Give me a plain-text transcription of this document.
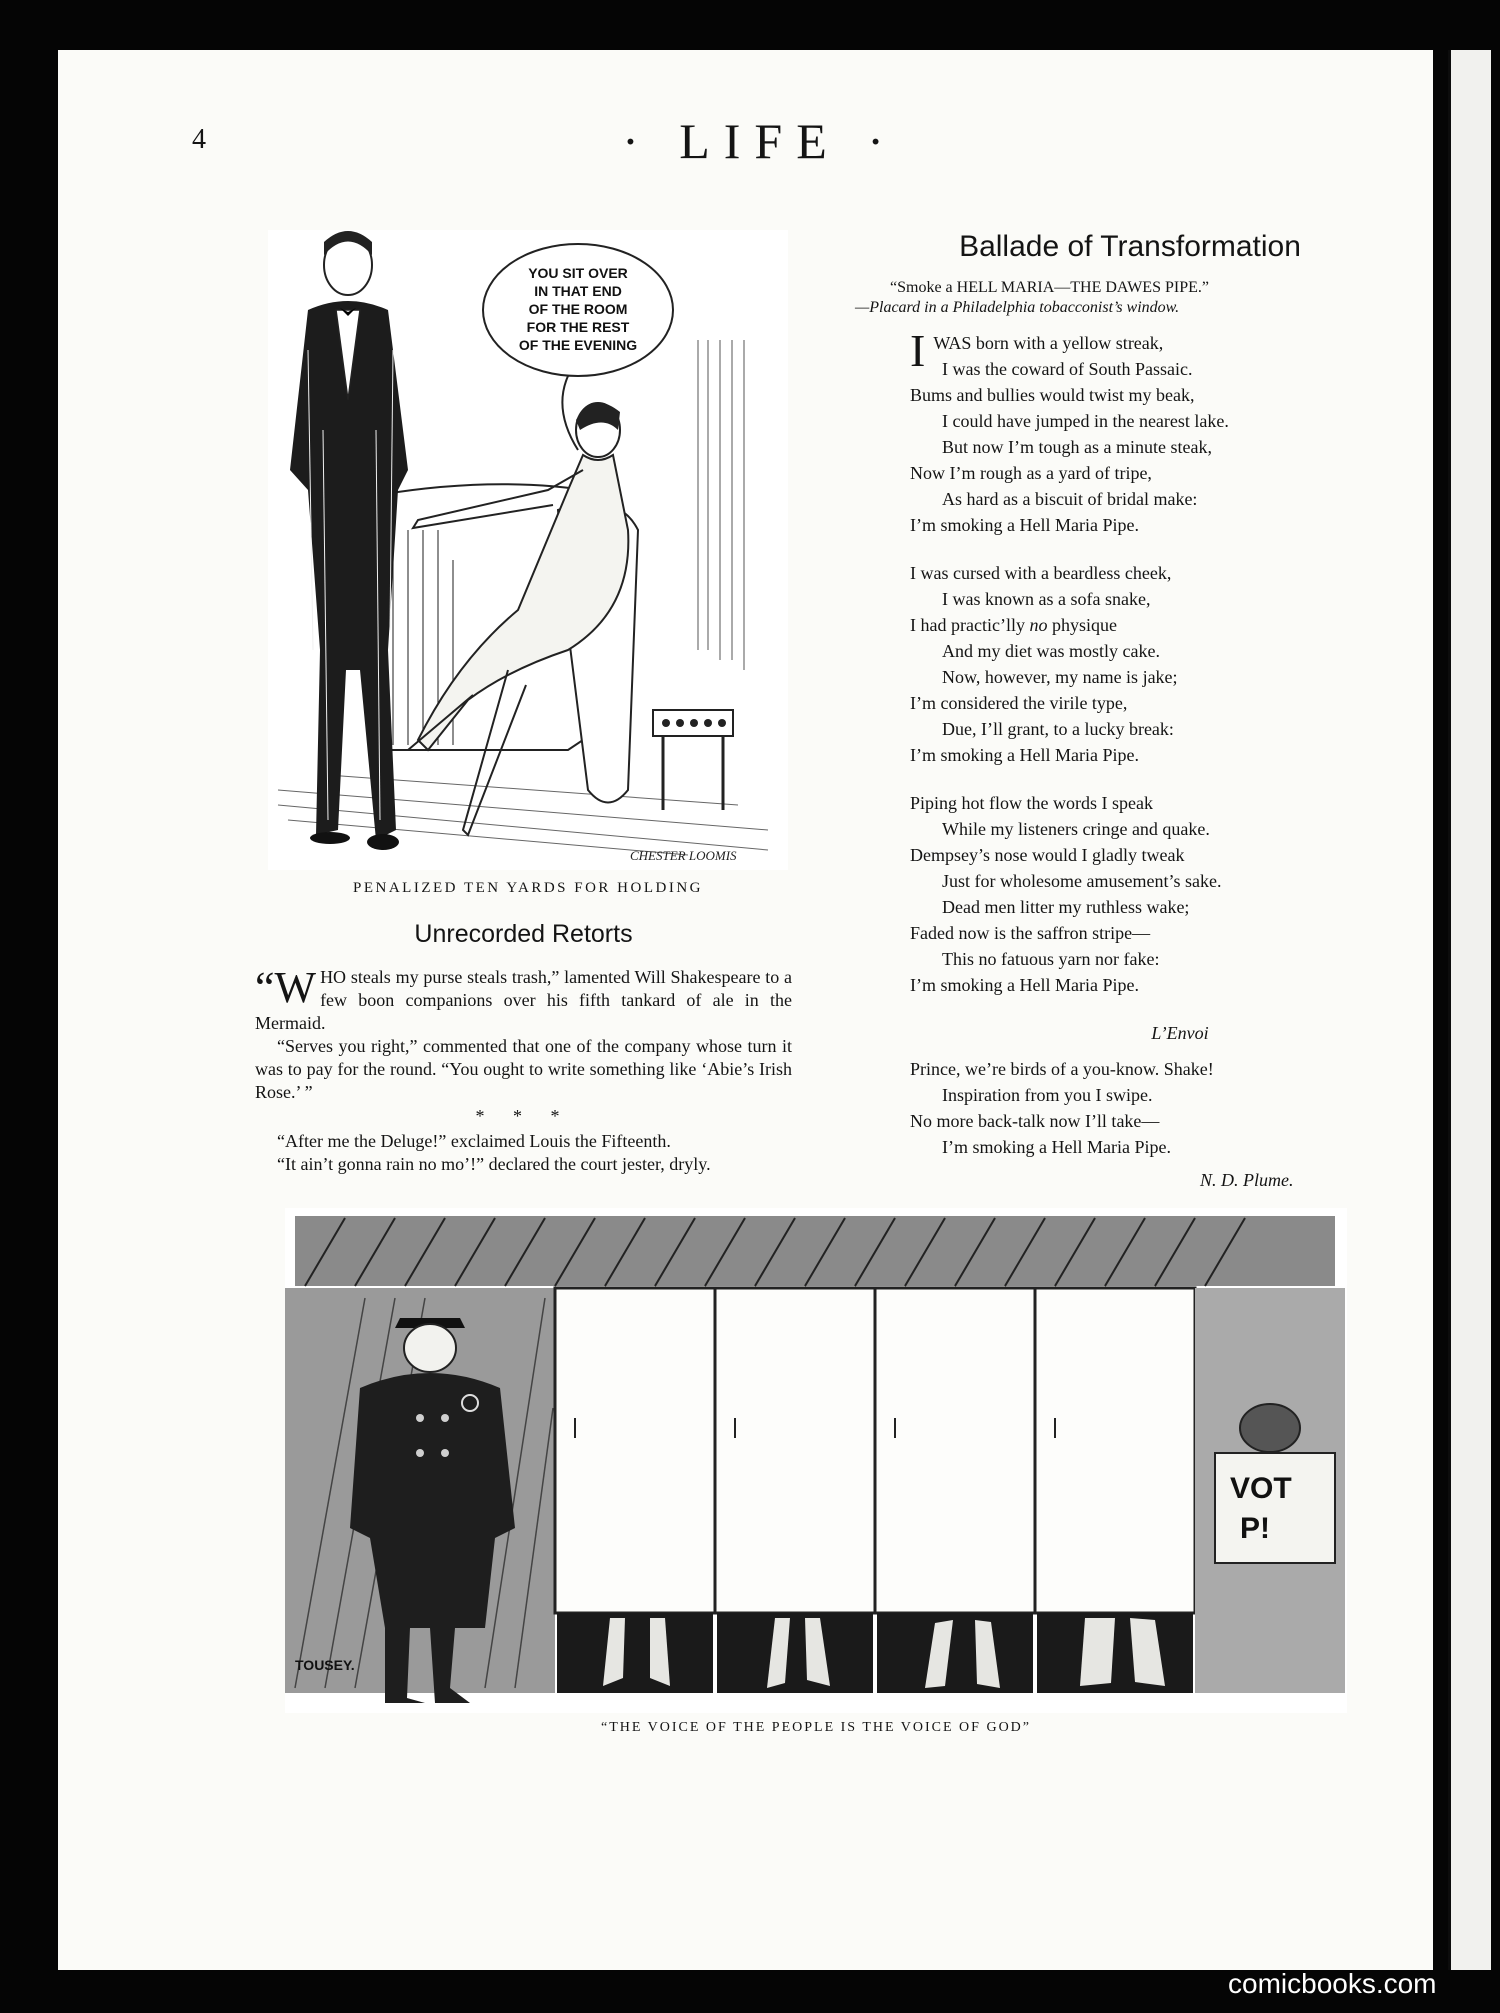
4	· LIFE ·
YOU SIT OVER
IN THAT END
OF THE ROOM
FOR THE REST
OF THE EVENING
CHESTER LOOMIS

PENALIZED TEN YARDS FOR HOLDING

Unrecorded Retorts

“WHO steals my purse steals trash,” lamented Will Shakespeare to a few boon companions over his fifth tankard of ale in the Mermaid.

“Serves you right,” commented that one of the company whose turn it was to pay for the round. “You ought to write something like ‘Abie’s Irish Rose.’ ”

* * *

“After me the Deluge!” exclaimed Louis the Fifteenth.

“It ain’t gonna rain no mo’!” declared the court jester, dryly.

Ballade of Transformation
“Smoke a HELL MARIA—THE DAWES PIPE.”
—Placard in a Philadelphia tobacconist’s window.
IWAS born with a yellow streak,
I was the coward of South Passaic.
Bums and bullies would twist my beak,
I could have jumped in the nearest lake.
But now I’m tough as a minute steak,
Now I’m rough as a yard of tripe,
As hard as a biscuit of bridal make:
I’m smoking a Hell Maria Pipe.
I was cursed with a beardless cheek,
I was known as a sofa snake,
I had practic’lly no physique
And my diet was mostly cake.
Now, however, my name is jake;
I’m considered the virile type,
Due, I’ll grant, to a lucky break:
I’m smoking a Hell Maria Pipe.
Piping hot flow the words I speak
While my listeners cringe and quake.
Dempsey’s nose would I gladly tweak
Just for wholesome amusement’s sake.
Dead men litter my ruthless wake;
Faded now is the saffron stripe—
This no fatuous yarn nor fake:
I’m smoking a Hell Maria Pipe.

L’Envoi

Prince, we’re birds of a you-know. Shake!
Inspiration from you I swipe.
No more back-talk now I’ll take—
I’m smoking a Hell Maria Pipe.
N. D. Plume.
VOT
P!
TOUSEY.

“THE VOICE OF THE PEOPLE IS THE VOICE OF GOD”

comicbooks.com
